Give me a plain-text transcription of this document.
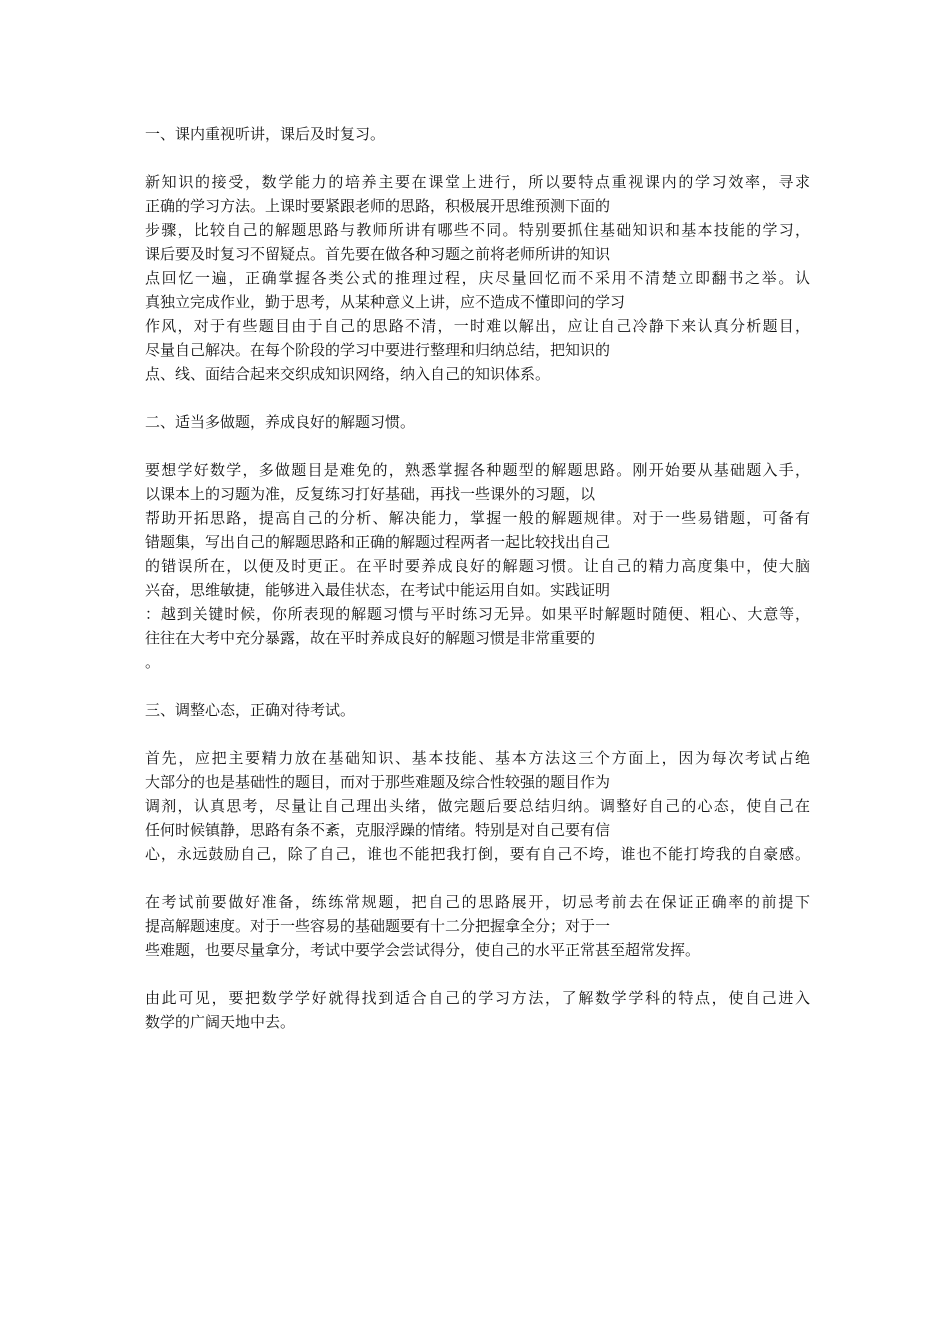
一、课内重视听讲，课后及时复习。
新知识的接受，数学能力的培养主要在课堂上进行，所以要特点重视课内的学习效率，寻求
正确的学习方法。上课时要紧跟老师的思路，积极展开思维预测下面的
步骤，比较自己的解题思路与教师所讲有哪些不同。特别要抓住基础知识和基本技能的学习，
课后要及时复习不留疑点。首先要在做各种习题之前将老师所讲的知识
点回忆一遍，正确掌握各类公式的推理过程，庆尽量回忆而不采用不清楚立即翻书之举。认
真独立完成作业，勤于思考，从某种意义上讲，应不造成不懂即问的学习
作风，对于有些题目由于自己的思路不清，一时难以解出，应让自己冷静下来认真分析题目，
尽量自己解决。在每个阶段的学习中要进行整理和归纳总结，把知识的
点、线、面结合起来交织成知识网络，纳入自己的知识体系。
二、适当多做题，养成良好的解题习惯。
要想学好数学，多做题目是难免的，熟悉掌握各种题型的解题思路。刚开始要从基础题入手，
以课本上的习题为准，反复练习打好基础，再找一些课外的习题，以
帮助开拓思路，提高自己的分析、解决能力，掌握一般的解题规律。对于一些易错题，可备有
错题集，写出自己的解题思路和正确的解题过程两者一起比较找出自己
的错误所在，以便及时更正。在平时要养成良好的解题习惯。让自己的精力高度集中，使大脑
兴奋，思维敏捷，能够进入最佳状态，在考试中能运用自如。实践证明
：越到关键时候，你所表现的解题习惯与平时练习无异。如果平时解题时随便、粗心、大意等，
往往在大考中充分暴露，故在平时养成良好的解题习惯是非常重要的
。
三、调整心态，正确对待考试。
首先，应把主要精力放在基础知识、基本技能、基本方法这三个方面上，因为每次考试占绝
大部分的也是基础性的题目，而对于那些难题及综合性较强的题目作为
调剂，认真思考，尽量让自己理出头绪，做完题后要总结归纳。调整好自己的心态，使自己在
任何时候镇静，思路有条不紊，克服浮躁的情绪。特别是对自己要有信
心，永远鼓励自己，除了自己，谁也不能把我打倒，要有自己不垮，谁也不能打垮我的自豪感。
在考试前要做好准备，练练常规题，把自己的思路展开，切忌考前去在保证正确率的前提下
提高解题速度。对于一些容易的基础题要有十二分把握拿全分；对于一
些难题，也要尽量拿分，考试中要学会尝试得分，使自己的水平正常甚至超常发挥。
由此可见，要把数学学好就得找到适合自己的学习方法，了解数学学科的特点，使自己进入
数学的广阔天地中去。
